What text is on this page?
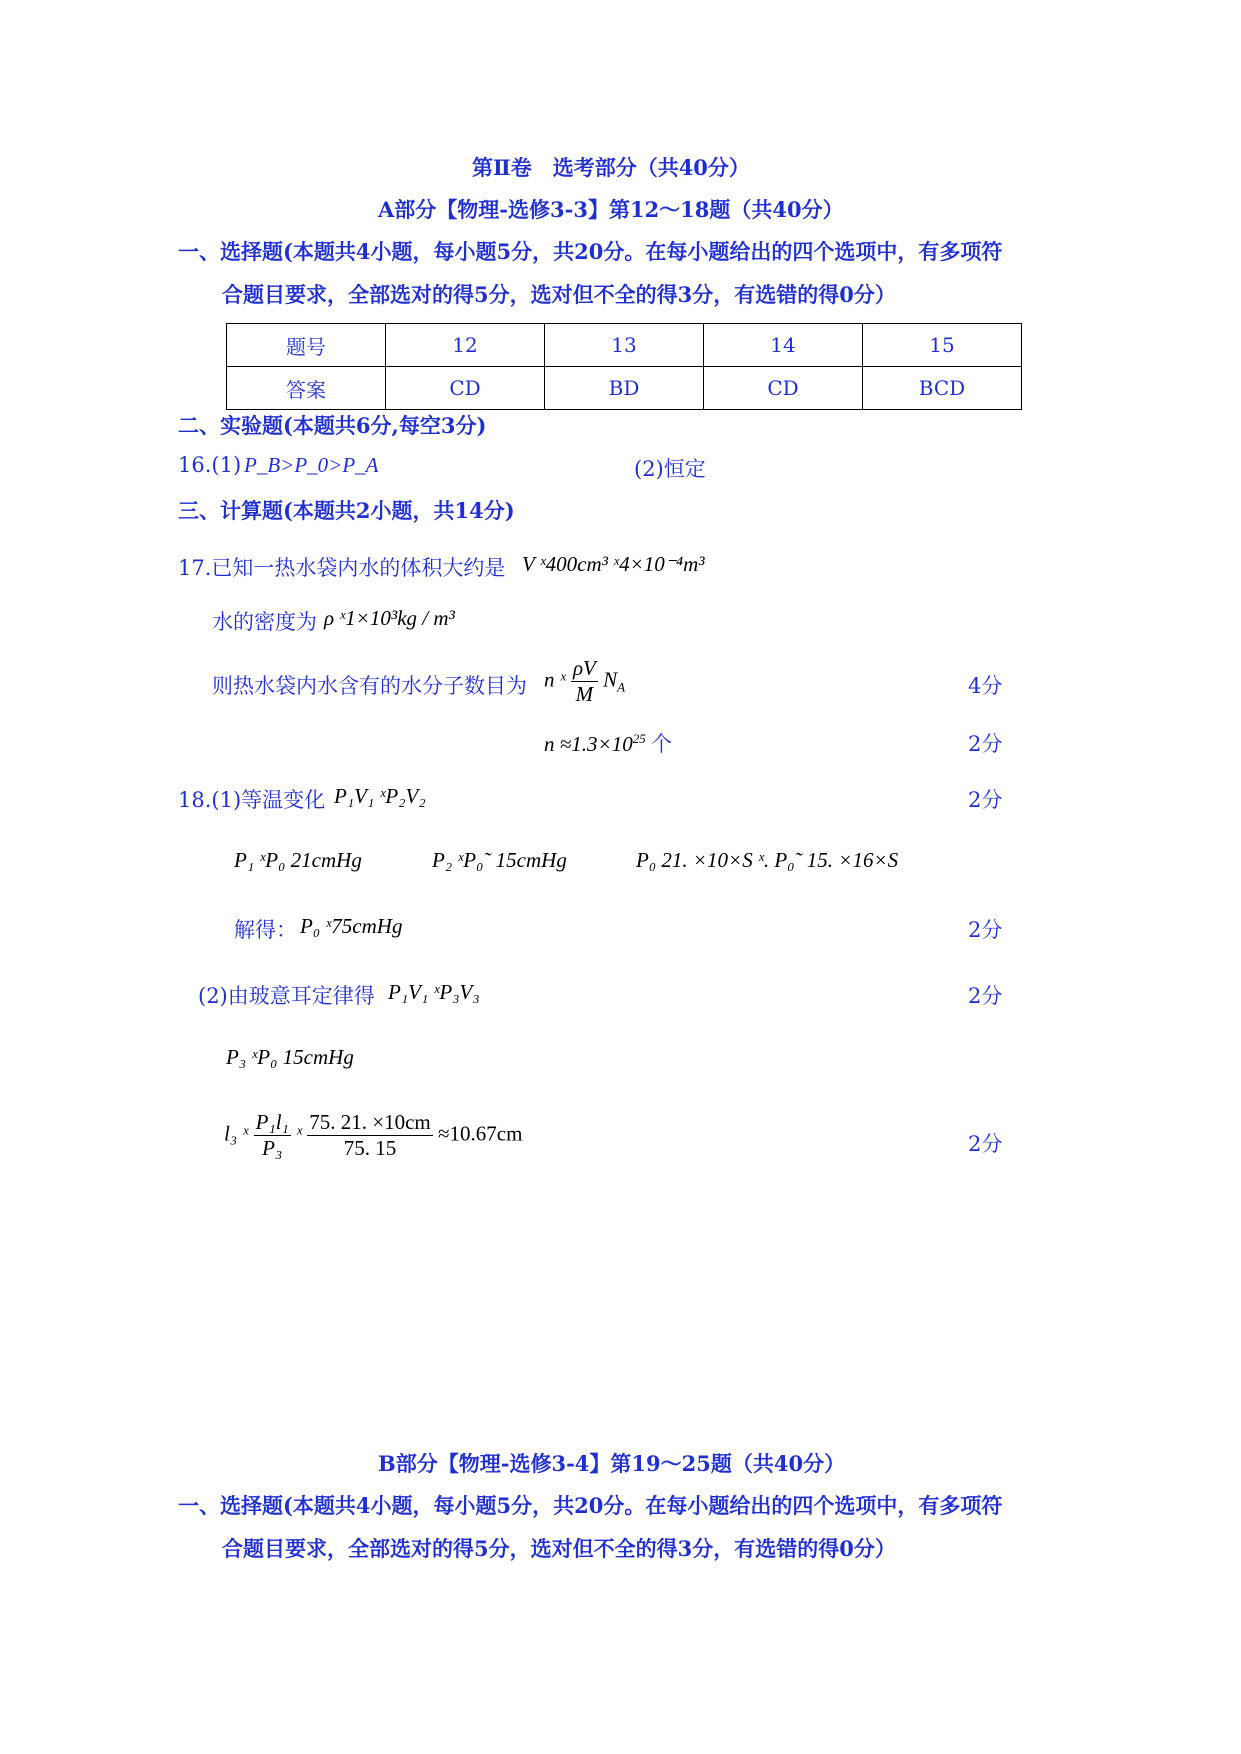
第Ⅱ卷　选考部分（共40分）
A部分【物理-选修3-3】第12～18题（共40分）
一、选择题(本题共4小题，每小题5分，共20分。在每小题给出的四个选项中，有多项符
合题目要求，全部选对的得5分，选对但不全的得3分，有选错的得0分）
题号	12	13	14	15
答案	CD	BD	CD	BCD
二、实验题(本题共6分,每空3分)
16.(1) P_B>P_0>P_A	(2)恒定
三、计算题(本题共2小题，共14分)
17.已知一热水袋内水的体积大约是 V ˣ400cm³ ˣ4×10⁻⁴m³
水的密度为 ρ ˣ1×10³kg / m³
则热水袋内水含有的水分子数目为 n ˣ $\frac{\rho V}{M} N_A$	4分
$n \approx 1.3\times 10^{25}$ 个	2分
18.(1)等温变化 P₁V₁ ˣP₂V₂	2分
P₁ ˣP₀ 21cmHg	P₂ ˣP₀˜ 15cmHg	P₀ 21. ×10×S ˣ. P₀˜ 15. ×16×S
解得： P₀ ˣ75cmHg	2分
(2)由玻意耳定律得 P₁V₁ ˣP₃V₃	2分
P₃ ˣP₀ 15cmHg
l₃ ˣ $\frac{\text{P₁l₁}}{\text{P₃}}$ ˣ $\frac{75. 21. \times 10cm}{75. 15} \approx 10.67cm$	2分
B部分【物理-选修3-4】第19～25题（共40分）
一、选择题(本题共4小题，每小题5分，共20分。在每小题给出的四个选项中，有多项符
合题目要求，全部选对的得5分，选对但不全的得3分，有选错的得0分）
